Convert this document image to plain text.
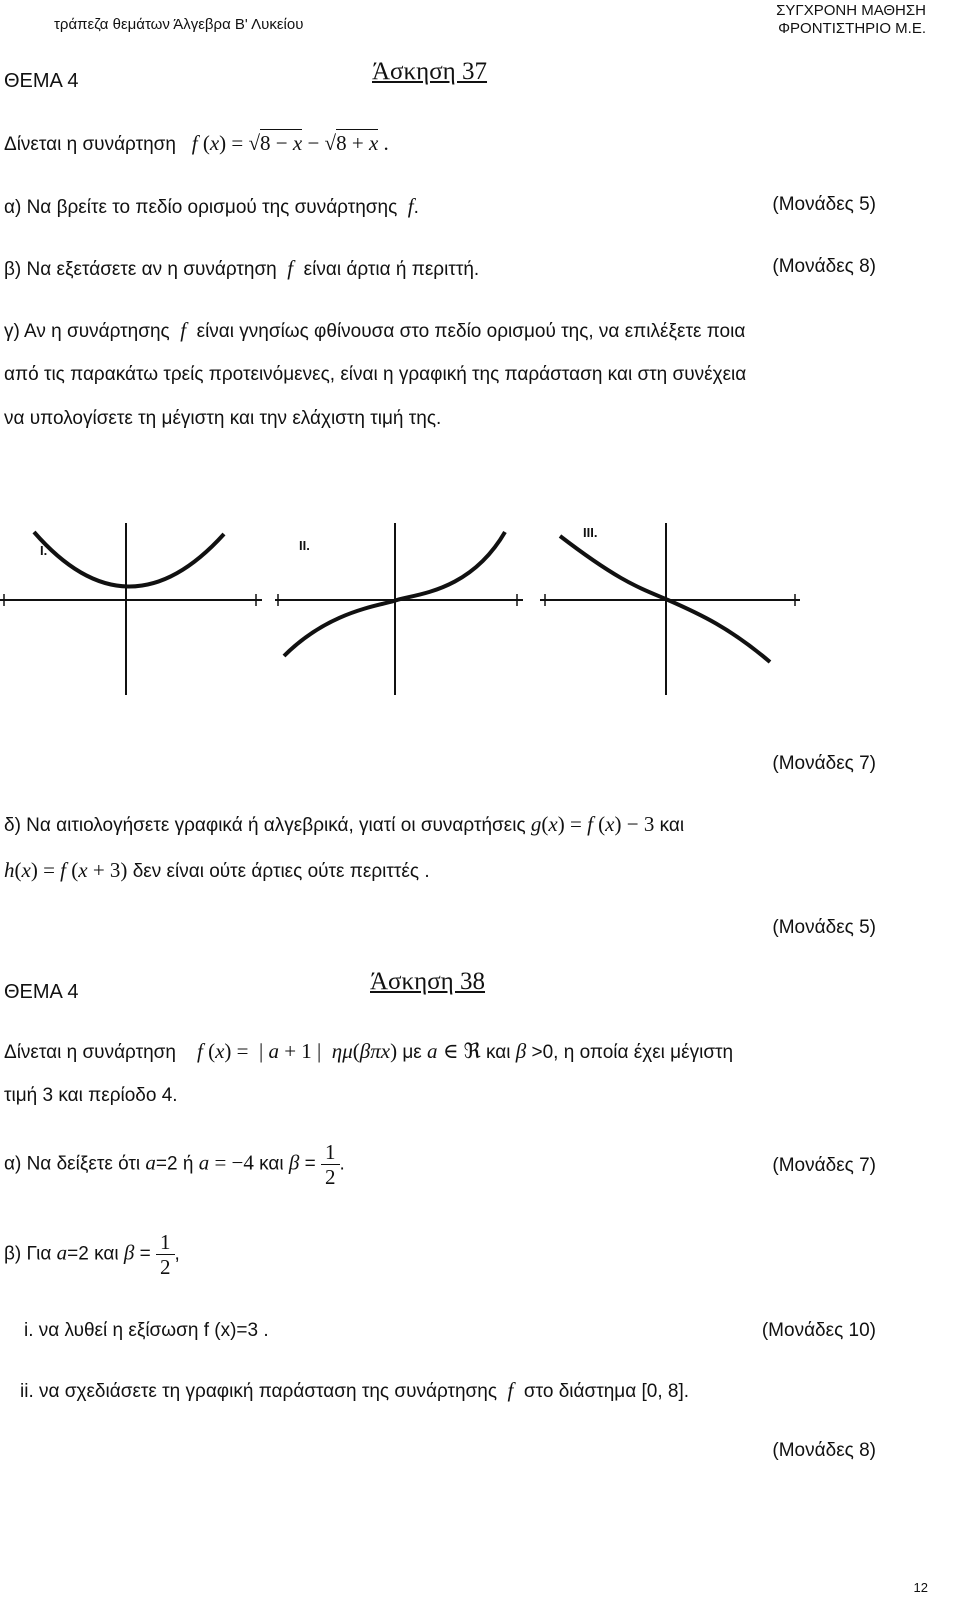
τράπεζα θεμάτων Άλγεβρα Β' Λυκείου
ΣΥΓΧΡΟΝΗ ΜΑΘΗΣΗ
ΦΡΟΝΤΙΣΤΗΡΙΟ Μ.Ε.
ΘΕΜΑ 4	Άσκηση 37
Δίνεται η συνάρτηση f (x) = √8 − x − √8 + x .
α) Να βρείτε το πεδίο ορισμού της συνάρτησης  f.	(Μονάδες 5)
β) Να εξετάσετε αν η συνάρτηση  f  είναι άρτια ή περιττή.	(Μονάδες 8)
γ) Αν η συνάρτησης  f  είναι γνησίως φθίνουσα στο πεδίο ορισμού της, να επιλέξετε ποια
από τις παρακάτω τρείς προτεινόμενες, είναι η γραφική της παράσταση και στη συνέχεια
να υπολογίσετε τη μέγιστη και την ελάχιστη τιμή της.
I.	II.
III.
(Μονάδες 7)
δ) Να αιτιολογήσετε γραφικά ή αλγεβρικά, γιατί οι συναρτήσεις g(x) = f (x) − 3 και
h(x) = f (x + 3) δεν είναι ούτε άρτιες ούτε περιττές .
(Μονάδες 5)
ΘΕΜΑ 4	Άσκηση 38
Δίνεται η συνάρτηση f (x) =  | a + 1 |  ημ(βπx) με a ∈ ℜ και β >0, η οποία έχει μέγιστη
τιμή 3 και περίοδο 4.
α) Να δείξετε ότι a=2 ή a = −4 και $\beta = \frac{1}{2}$ .	(Μονάδες 7)
β) Για a=2 και $\beta = \frac{1}{2}$ ,
i. να λυθεί η εξίσωση f (x)=3 .	(Μονάδες 10)
ii. να σχεδιάσετε τη γραφική παράσταση της συνάρτησης  f  στο διάστημα [0, 8].
(Μονάδες 8)
12
